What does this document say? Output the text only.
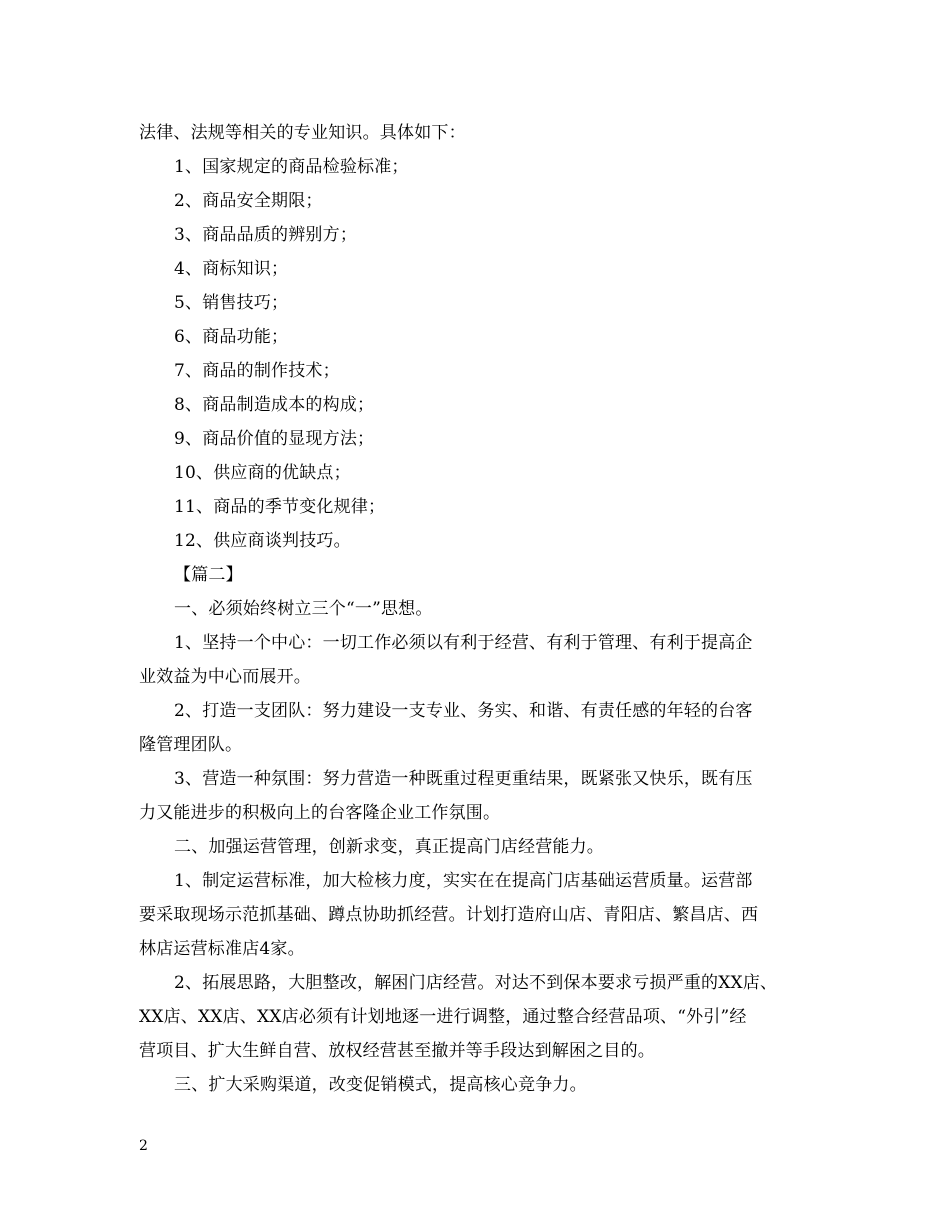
法律、法规等相关的专业知识。具体如下：
1、国家规定的商品检验标准；
2、商品安全期限；
3、商品品质的辨别方；
4、商标知识；
5、销售技巧；
6、商品功能；
7、商品的制作技术；
8、商品制造成本的构成；
9、商品价值的显现方法；
10、供应商的优缺点；
11、商品的季节变化规律；
12、供应商谈判技巧。
【篇二】
一、必须始终树立三个“一”思想。
1、坚持一个中心：一切工作必须以有利于经营、有利于管理、有利于提高企
业效益为中心而展开。
2、打造一支团队：努力建设一支专业、务实、和谐、有责任感的年轻的台客
隆管理团队。
3、营造一种氛围：努力营造一种既重过程更重结果，既紧张又快乐，既有压
力又能进步的积极向上的台客隆企业工作氛围。
二、加强运营管理，创新求变，真正提高门店经营能力。
1、制定运营标准，加大检核力度，实实在在提高门店基础运营质量。运营部
要采取现场示范抓基础、蹲点协助抓经营。计划打造府山店、青阳店、繁昌店、西
林店运营标准店4家。
2、拓展思路，大胆整改，解困门店经营。对达不到保本要求亏损严重的XX店、
XX店、XX店、XX店必须有计划地逐一进行调整，通过整合经营品项、“外引”经
营项目、扩大生鲜自营、放权经营甚至撤并等手段达到解困之目的。
三、扩大采购渠道，改变促销模式，提高核心竞争力。
2
